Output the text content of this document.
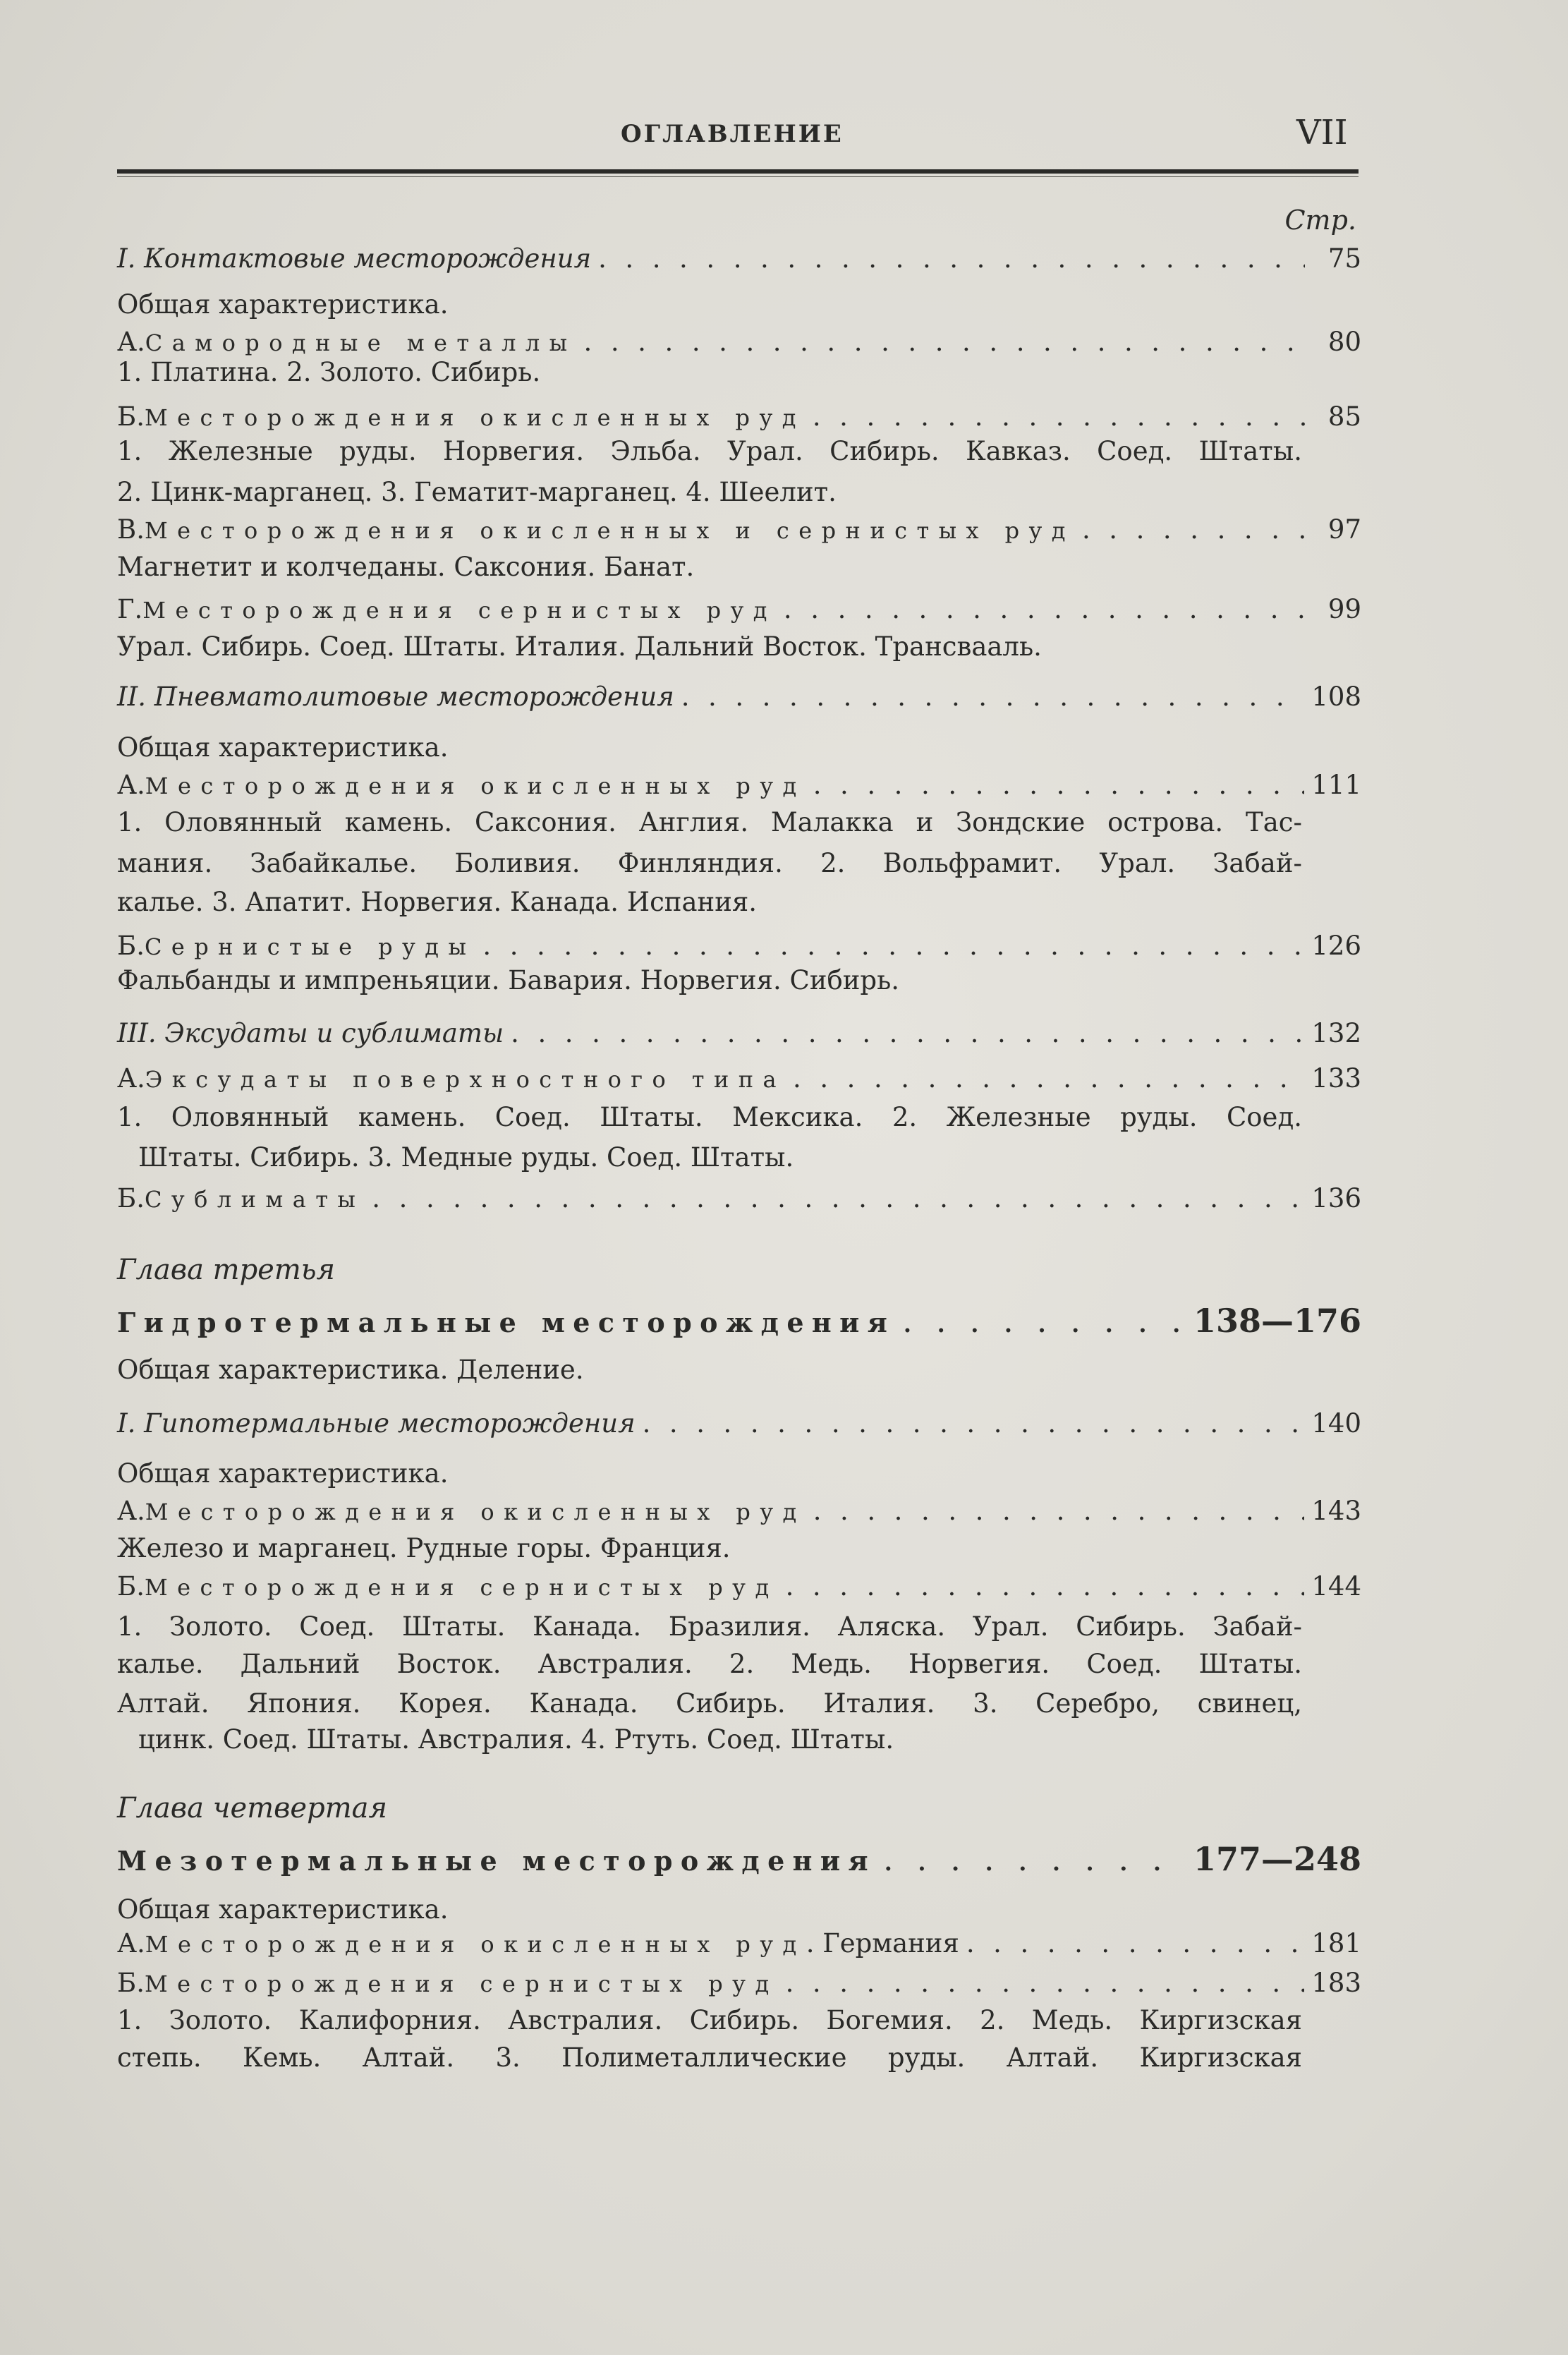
ОГЛАВЛЕНИЕ	VII
Стр.
I. Контактовые месторождения . . .	75
Общая характеристика.
А. Самородные металлы . . .	80
1. Платина. 2. Золото. Сибирь.
Б. Месторождения окисленных руд . . .	85
1. Железные руды. Норвегия. Эльба. Урал. Сибирь. Кавказ. Соед. Штаты.
2. Цинк-марганец. 3. Гематит-марганец. 4. Шеелит.
В. Месторождения окисленных и сернистых руд . . .	97
Магнетит и колчеданы. Саксония. Банат.
Г. Месторождения сернистых руд . . .	99
Урал. Сибирь. Соед. Штаты. Италия. Дальний Восток. Трансвааль.
II. Пневматолитовые месторождения . . .	108
Общая характеристика.
А. Месторождения окисленных руд . . .	111
1. Оловянный камень. Саксония. Англия. Малакка и Зондские острова. Тас-
мания. Забайкалье. Боливия. Финляндия. 2. Вольфрамит. Урал. Забай-
калье. 3. Апатит. Норвегия. Канада. Испания.
Б. Сернистые руды . . .	126
Фальбанды и импреньяции. Бавария. Норвегия. Сибирь.
III. Эксудаты и сублиматы . . .	132
А. Эксудаты поверхностного типа . . .	133
1. Оловянный камень. Соед. Штаты. Мексика. 2. Железные руды. Соед.
Штаты. Сибирь. 3. Медные руды. Соед. Штаты.
Б. Сублиматы . . .	136
Глава третья
Гидротермальные месторождения . . .	138—176
Общая характеристика. Деление.
I. Гипотермальные месторождения . . .	140
Общая характеристика.
А. Месторождения окисленных руд . . .	143
Железо и марганец. Рудные горы. Франция.
Б. Месторождения сернистых руд . . .	144
1. Золото. Соед. Штаты. Канада. Бразилия. Аляска. Урал. Сибирь. Забай-
калье. Дальний Восток. Австралия. 2. Медь. Норвегия. Соед. Штаты.
Алтай. Япония. Корея. Канада. Сибирь. Италия. 3. Серебро, свинец,
цинк. Соед. Штаты. Австралия. 4. Ртуть. Соед. Штаты.
Глава четвертая
Мезотермальные месторождения . . .	177—248
Общая характеристика.
А. Месторождения окисленных руд . Германия . . .	181
Б. Месторождения сернистых руд . . .	183
1. Золото. Калифорния. Австралия. Сибирь. Богемия. 2. Медь. Киргизская
степь. Кемь. Алтай. 3. Полиметаллические руды. Алтай. Киргизская
